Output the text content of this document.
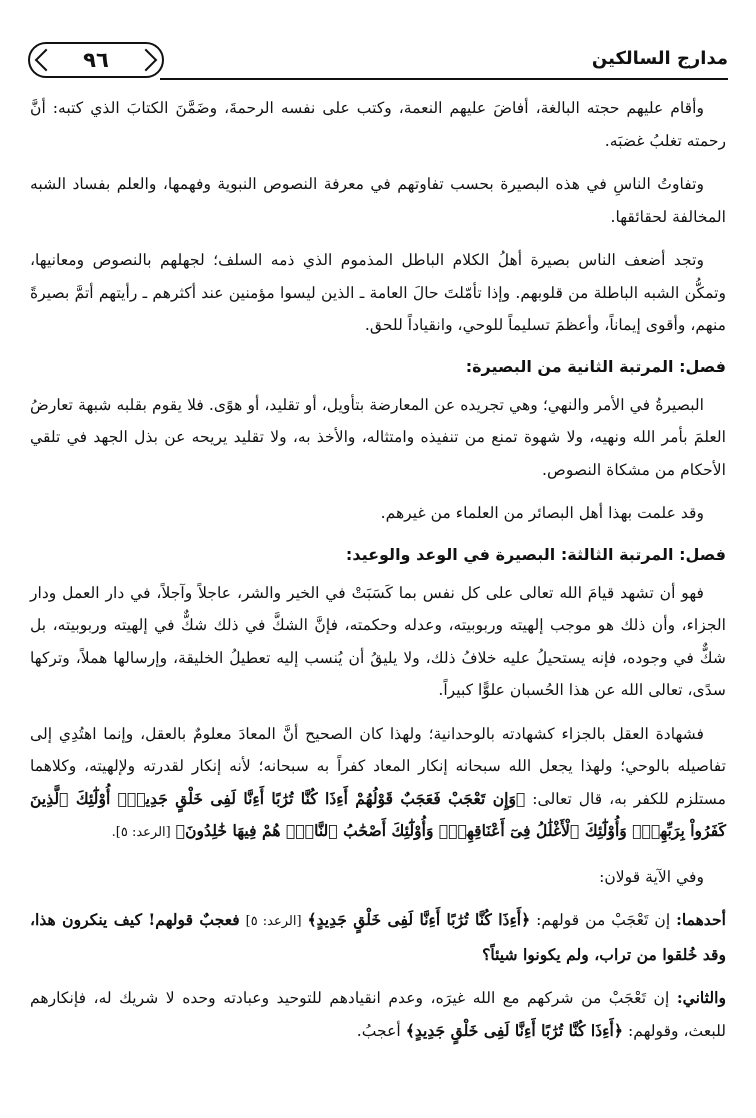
٩٦	مدارج السالكين

وأقام عليهم حجته البالغة، أفاضَ عليهم النعمة، وكتب على نفسه الرحمةَ، وضَمَّنَ الكتابَ الذي كتبه: أنَّ رحمته تغلبُ غضبَه.

وتفاوتُ الناسِ في هذه البصيرة بحسب تفاوتهم في معرفة النصوص النبوية وفهمها، والعلم بفساد الشبه المخالفة لحقائقها.

وتجد أضعف الناس بصيرة أهلُ الكلام الباطل المذموم الذي ذمه السلف؛ لجهلهم بالنصوص ومعانيها، وتمكُّن الشبه الباطلة من قلوبهم. وإذا تأمّلتَ حالَ العامة ـ الذين ليسوا مؤمنين عند أكثرهم ـ رأيتهم أتمَّ بصيرةً منهم، وأقوى إيماناً، وأعظمَ تسليماً للوحي، وانقياداً للحق.

فصل: المرتبة الثانية من البصيرة:

البصيرةُ في الأمر والنهي؛ وهي تجريده عن المعارضة بتأويل، أو تقليد، أو هوًى. فلا يقوم بقلبه شبهة تعارضُ العلمَ بأمر الله ونهيه، ولا شهوة تمنع من تنفيذه وامتثاله، والأخذ به، ولا تقليد يريحه عن بذل الجهد في تلقي الأحكام من مشكاة النصوص.

وقد علمت بهذا أهل البصائر من العلماء من غيرهم.

فصل: المرتبة الثالثة: البصيرة في الوعد والوعيد:

فهو أن تشهد قيامَ الله تعالى على كل نفس بما كَسَبَتْ في الخير والشر، عاجلاً وآجلاً، في دار العمل ودار الجزاء، وأن ذلك هو موجب إلهيته وربوبيته، وعدله وحكمته، فإنَّ الشكَّ في ذلك شكٌّ في إلهيته وربوبيته، بل شكٌّ في وجوده، فإنه يستحيلُ عليه خلافُ ذلك، ولا يليقُ أن يُنسب إليه تعطيلُ الخليقة، وإرسالها هملاً، وتركها سدًى، تعالى الله عن هذا الحُسبان علوًّا كبيراً.

فشهادة العقل بالجزاء كشهادته بالوحدانية؛ ولهذا كان الصحيح أنَّ المعادَ معلومٌ بالعقل، وإنما اهتُدِي إلى تفاصيله بالوحي؛ ولهذا يجعل الله سبحانه إنكار المعاد كفراً به سبحانه؛ لأنه إنكار لقدرته ولإلهيته، وكلاهما مستلزم للكفر به، قال تعالى: ﴿وَإِن تَعْجَبْ فَعَجَبٌ قَوْلُهُمْ أَءِذَا كُنَّا تُرَٰبًا أَءِنَّا لَفِى خَلْقٍ جَدِيدٍۗ أُوْلَٰٓئِكَ ٱلَّذِينَ كَفَرُواْ بِرَبِّهِمْۖ وَأُوْلَٰٓئِكَ ٱلْأَغْلَٰلُ فِىٓ أَعْنَاقِهِمْۖ وَأُوْلَٰٓئِكَ أَصْحَٰبُ ٱلنَّارِۖ هُمْ فِيهَا خَٰلِدُونَ﴾ [الرعد: ٥].

وفي الآية قولان:

أحدهما: إن تَعْجَبْ من قولهم: ﴿أَءِذَا كُنَّا تُرَٰبًا أَءِنَّا لَفِى خَلْقٍ جَدِيدٍ﴾ [الرعد: ٥] فعجبٌ قولهم! كيف ينكرون هذا، وقد خُلقوا من تراب، ولم يكونوا شيئاً؟

والثاني: إن تَعْجَبْ من شركهم مع الله غيرَه، وعدم انقيادهم للتوحيد وعبادته وحده لا شريك له، فإنكارهم للبعث، وقولهم: ﴿أَءِذَا كُنَّا تُرَٰبًا أَءِنَّا لَفِى خَلْقٍ جَدِيدٍ﴾ أعجبُ.
